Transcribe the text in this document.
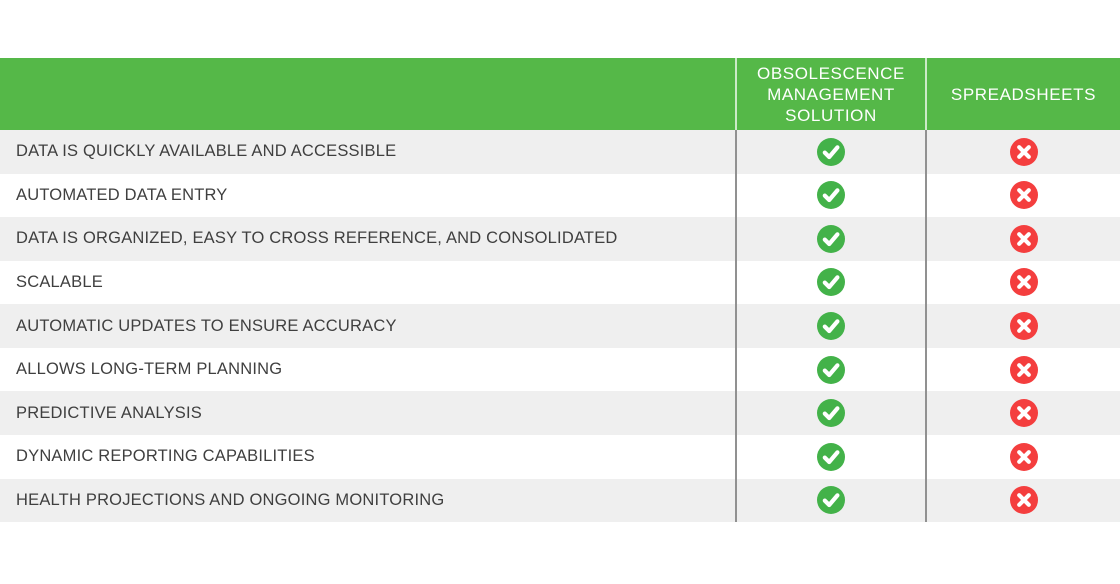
OBSOLESCENCE MANAGEMENT SOLUTION
SPREADSHEETS
DATA IS QUICKLY AVAILABLE AND ACCESSIBLE
AUTOMATED DATA ENTRY
DATA IS ORGANIZED, EASY TO CROSS REFERENCE, AND CONSOLIDATED
SCALABLE
AUTOMATIC UPDATES TO ENSURE ACCURACY
ALLOWS LONG-TERM PLANNING
PREDICTIVE ANALYSIS
DYNAMIC REPORTING CAPABILITIES
HEALTH PROJECTIONS AND ONGOING MONITORING
